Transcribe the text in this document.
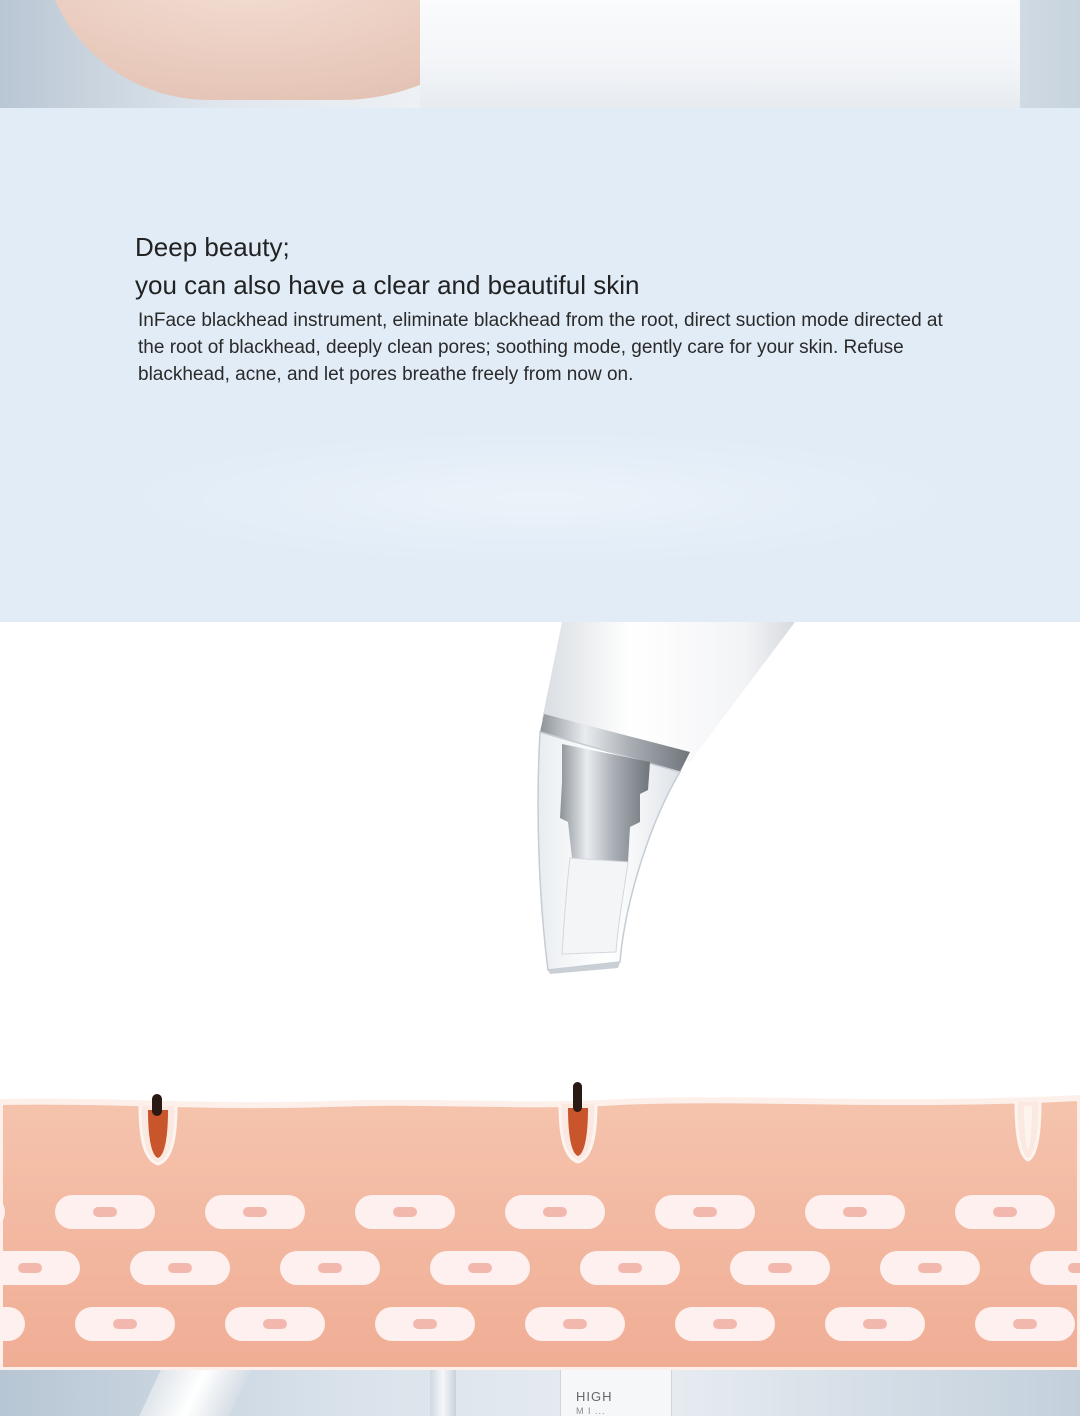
Deep beauty;
you can also have a clear and beautiful skin

InFace blackhead instrument, eliminate blackhead from the root, direct suction mode directed at the root of blackhead, deeply clean pores; soothing mode, gently care for your skin. Refuse blackhead, acne, and let pores breathe freely from now on.

HIGH
M I ...
